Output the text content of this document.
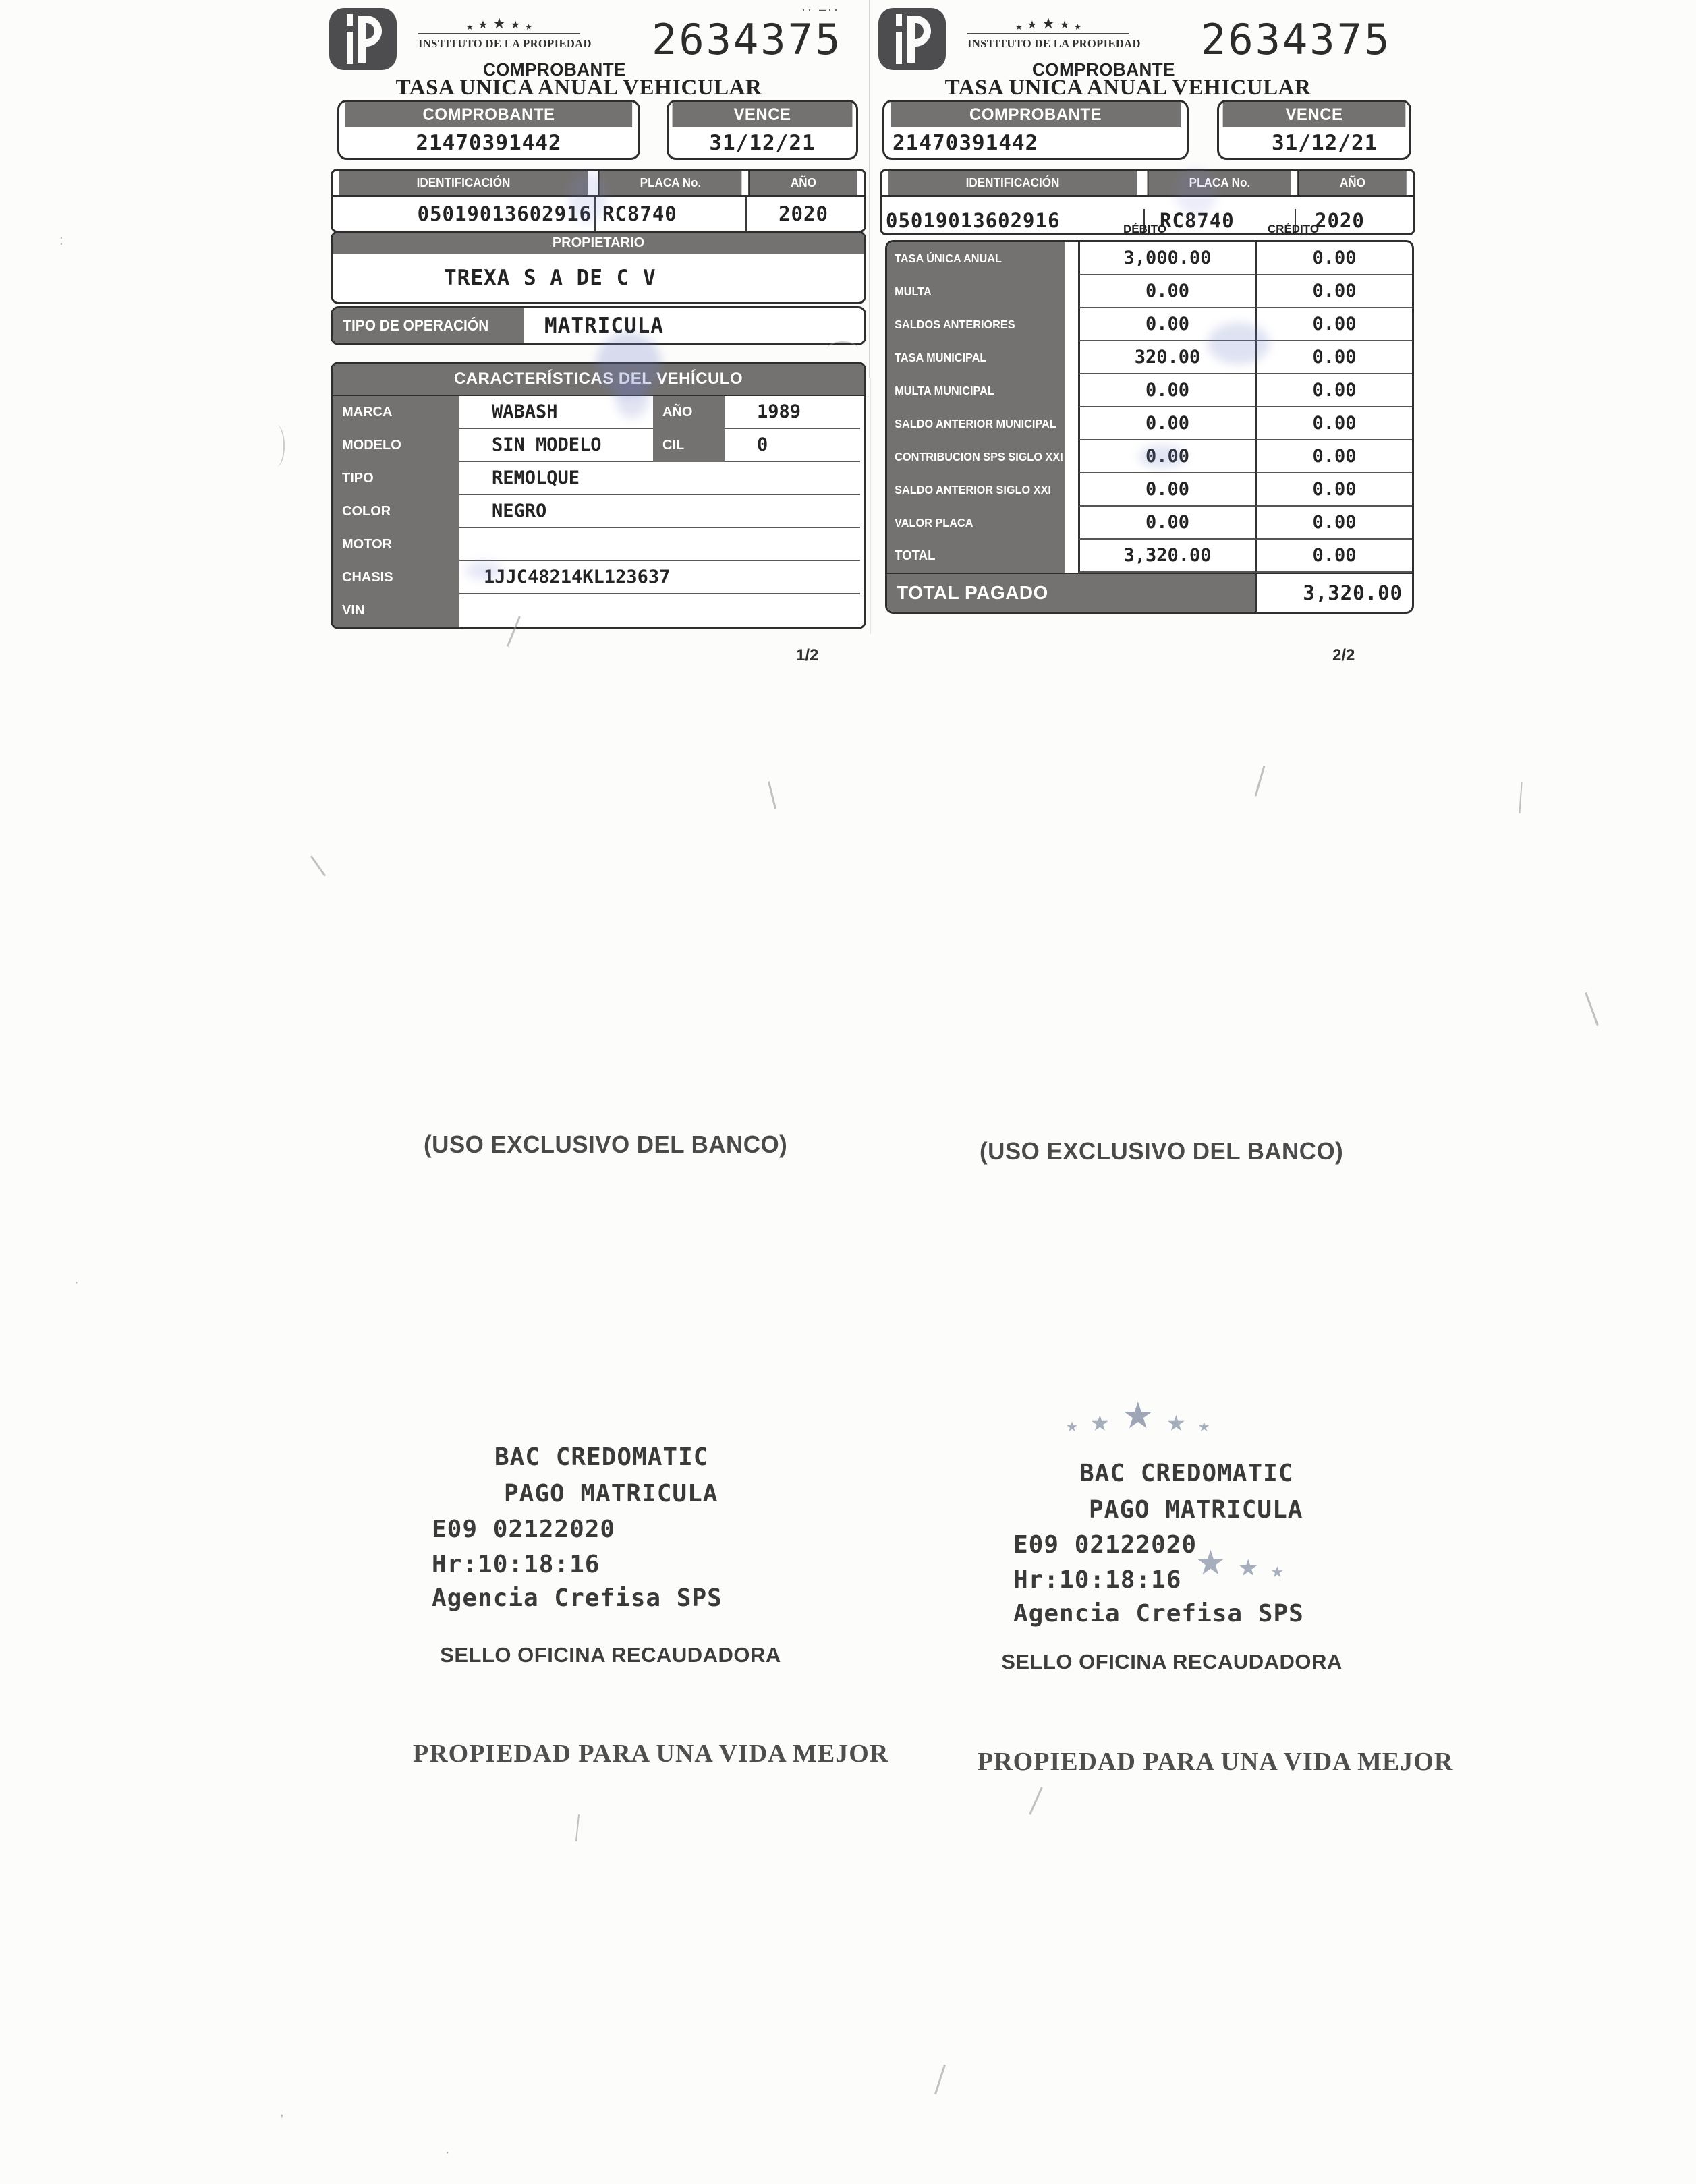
★ ★ ★ ★ ★
INSTITUTO DE LA PROPIEDAD
·· –··
2634375
COMPROBANTE
TASA UNICA ANUAL VEHICULAR
COMPROBANTE
21470391442
VENCE
31/12/21
IDENTIFICACIÓN	PLACA No.	AÑO
05019013602916 RC8740	2020
PROPIETARIO
TREXA S A DE C V
TIPO DE OPERACIÓN	MATRICULA
CARACTERÍSTICAS DEL VEHÍCULO
MARCA	WABASH	AÑO	1989
MODELO	SIN MODELO	CIL	0
TIPO	REMOLQUE
COLOR	NEGRO
MOTOR
CHASIS	1JJC48214KL123637
VIN
★ ★ ★ ★ ★
INSTITUTO DE LA PROPIEDAD 2634375
COMPROBANTE
TASA UNICA ANUAL VEHICULAR
COMPROBANTE
21470391442
VENCE
31/12/21
IDENTIFICACIÓN	PLACA No.	AÑO
05019013602916	RC8740	2020
DÉBITO	CRÉDITO
TASA ÚNICA ANUAL	3,000.00	0.00
MULTA	0.00	0.00
SALDOS ANTERIORES	0.00	0.00
TASA MUNICIPAL	320.00	0.00
MULTA MUNICIPAL	0.00	0.00
SALDO ANTERIOR MUNICIPAL	0.00	0.00
CONTRIBUCION SPS SIGLO XXI	0.00	0.00
SALDO ANTERIOR SIGLO XXI	0.00	0.00
VALOR PLACA	0.00	0.00
TOTAL	3,320.00	0.00
TOTAL PAGADO	3,320.00
1/2	2/2
(USO EXCLUSIVO DEL BANCO)	(USO EXCLUSIVO DEL BANCO)
BAC CREDOMATIC
PAGO MATRICULA
E09 02122020
Hr:10:18:16
Agencia Crefisa SPS
★ ★ ★ ★ ★
★ ★ ★
BAC CREDOMATIC
PAGO MATRICULA
E09 02122020
Hr:10:18:16
Agencia Crefisa SPS
SELLO OFICINA RECAUDADORA	SELLO OFICINA RECAUDADORA
PROPIEDAD PARA UNA VIDA MEJOR	PROPIEDAD PARA UNA VIDA MEJOR
:
·
,
·
